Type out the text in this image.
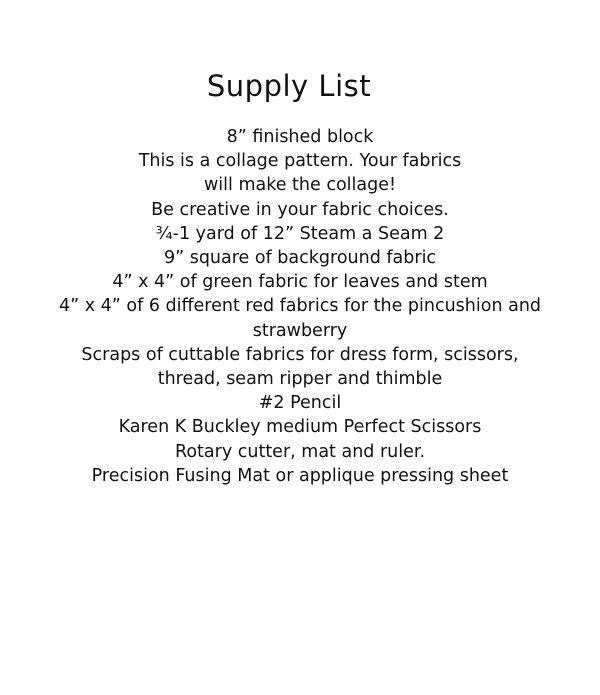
Supply List
8” finished block
This is a collage pattern. Your fabrics
will make the collage!
Be creative in your fabric choices.
¾-1 yard of 12” Steam a Seam 2
9” square of background fabric
4” x 4” of green fabric for leaves and stem
4” x 4” of 6 different red fabrics for the pincushion and
strawberry
Scraps of cuttable fabrics for dress form, scissors,
thread, seam ripper and thimble
#2 Pencil
Karen K Buckley medium Perfect Scissors
Rotary cutter, mat and ruler.
Precision Fusing Mat or applique pressing sheet
